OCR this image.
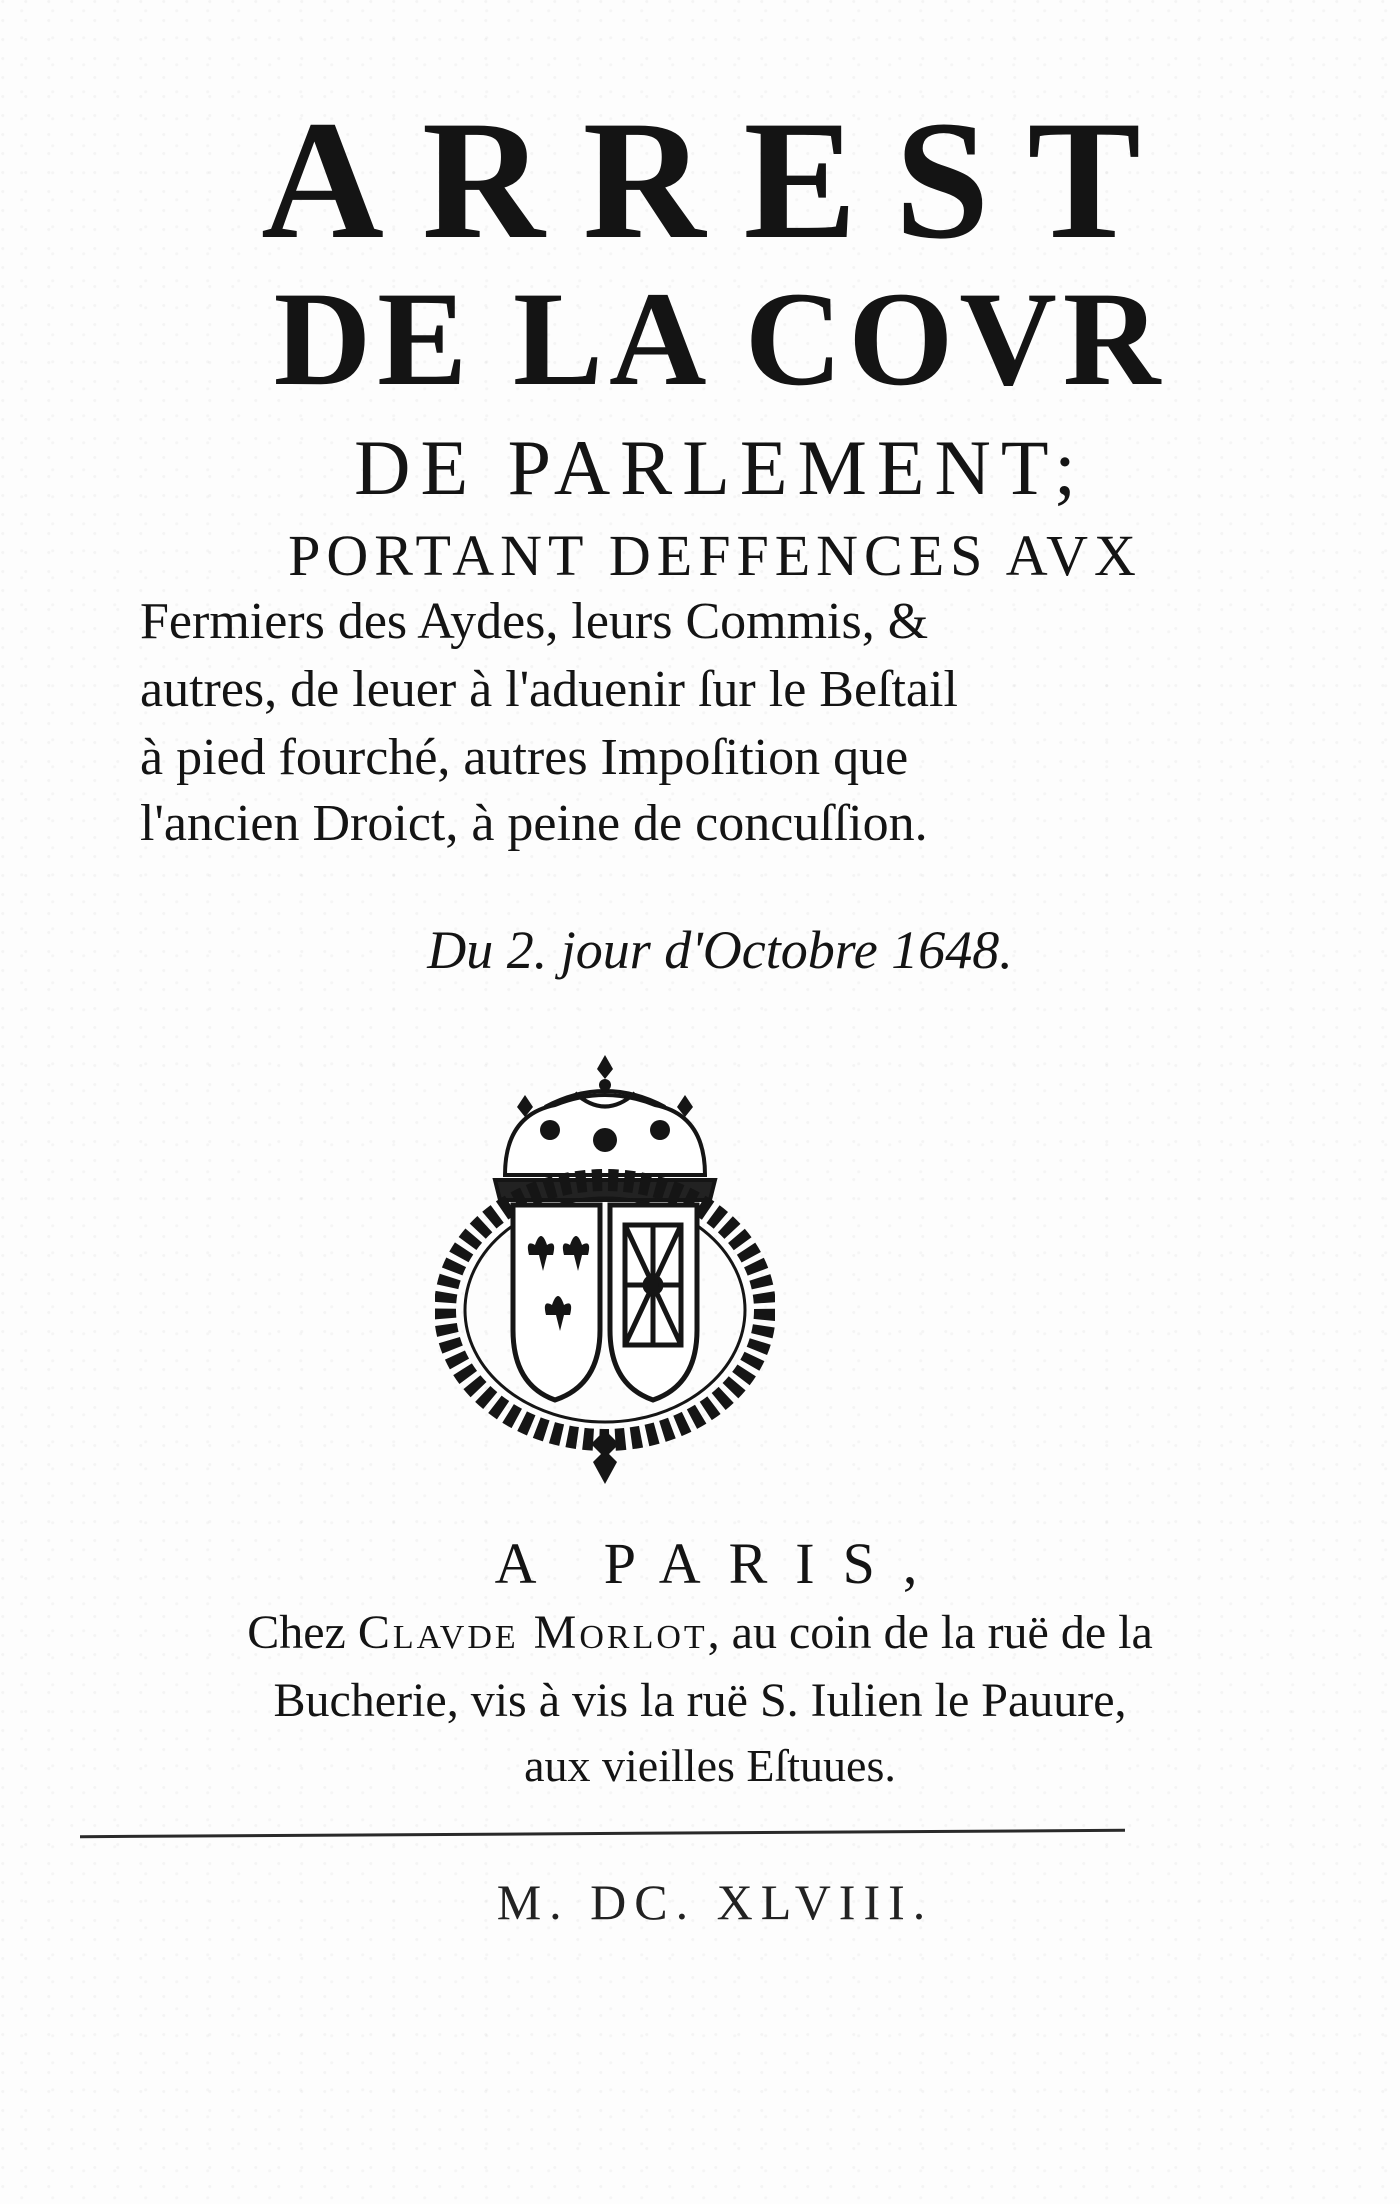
ARREST
DE LA COVR
DE PARLEMENT;
PORTANT DEFFENCES AVX
Fermiers des Aydes, leurs Commis, &
autres, de leuer à l'aduenir ſur le Beſtail
à pied fourché, autres Impoſition que
l'ancien Droict, à peine de concuſſion.
Du 2. jour d'Octobre 1648.
A PARIS,
Chez Clavde Morlot, au coin de la ruë de la
Bucherie, vis à vis la ruë S. Iulien le Pauure,
aux vieilles Eſtuues.
M. DC. XLVIII.
